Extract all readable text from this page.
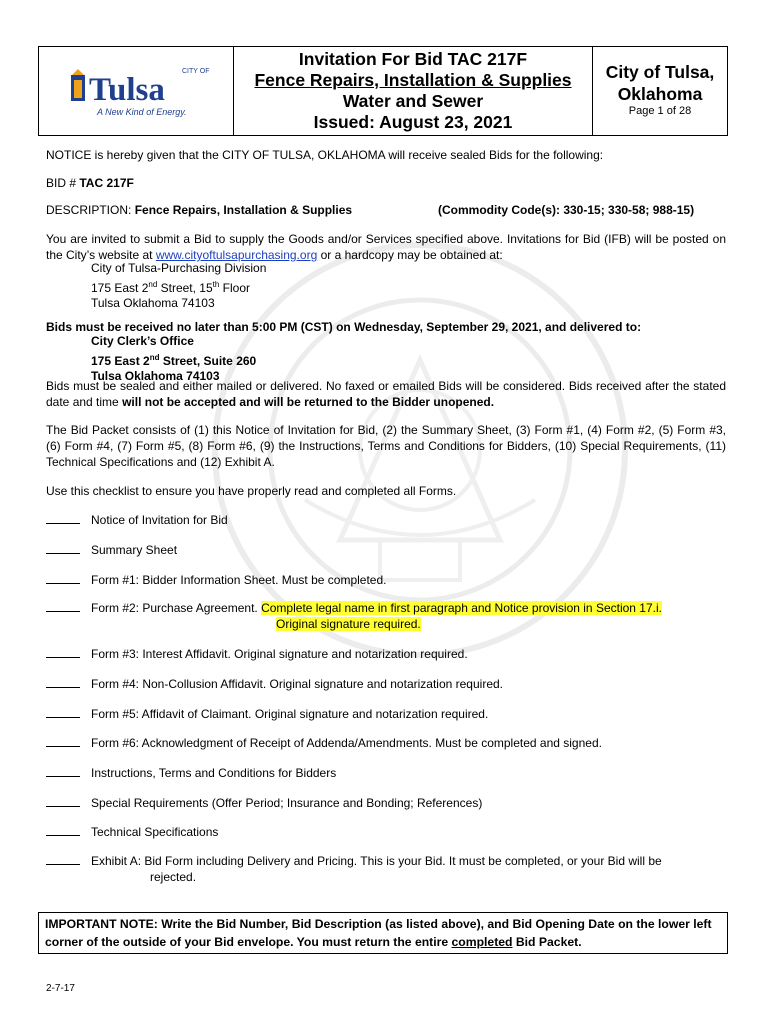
CITY OF
Tulsa
A New Kind of Energy.
Invitation For Bid TAC 217F
Fence Repairs, Installation & Supplies
Water and Sewer
Issued: August 23, 2021
City of Tulsa,
Oklahoma
Page 1 of 28
NOTICE is hereby given that the CITY OF TULSA, OKLAHOMA will receive sealed Bids for the following:
BID # TAC 217F
DESCRIPTION: Fence Repairs, Installation & Supplies	(Commodity Code(s): 330-15; 330-58; 988-15)
You are invited to submit a Bid to supply the Goods and/or Services specified above. Invitations for Bid (IFB) will be posted on the City’s website at www.cityoftulsapurchasing.org or a hardcopy may be obtained at:
City of Tulsa-Purchasing Division
175 East 2nd Street, 15th Floor
Tulsa Oklahoma 74103
Bids must be received no later than 5:00 PM (CST) on Wednesday, September 29, 2021, and delivered to:
City Clerk’s Office
175 East 2nd Street, Suite 260
Tulsa Oklahoma 74103
Bids must be sealed and either mailed or delivered. No faxed or emailed Bids will be considered. Bids received after the stated date and time will not be accepted and will be returned to the Bidder unopened.
The Bid Packet consists of (1) this Notice of Invitation for Bid, (2) the Summary Sheet, (3) Form #1, (4) Form #2, (5) Form #3, (6) Form #4, (7) Form #5, (8) Form #6, (9) the Instructions, Terms and Conditions for Bidders, (10) Special Requirements, (11) Technical Specifications and (12) Exhibit A.
Use this checklist to ensure you have properly read and completed all Forms.
Notice of Invitation for Bid
Summary Sheet
Form #1: Bidder Information Sheet. Must be completed.
Form #2: Purchase Agreement. Complete legal name in first paragraph and Notice provision in Section 17.i.
Original signature required.
Form #3: Interest Affidavit. Original signature and notarization required.
Form #4: Non-Collusion Affidavit. Original signature and notarization required.
Form #5: Affidavit of Claimant. Original signature and notarization required.
Form #6: Acknowledgment of Receipt of Addenda/Amendments. Must be completed and signed.
Instructions, Terms and Conditions for Bidders
Special Requirements (Offer Period; Insurance and Bonding; References)
Technical Specifications
Exhibit A: Bid Form including Delivery and Pricing. This is your Bid. It must be completed, or your Bid will be
rejected.
IMPORTANT NOTE: Write the Bid Number, Bid Description (as listed above), and Bid Opening Date on the lower left corner of the outside of your Bid envelope. You must return the entire completed Bid Packet.
2-7-17
